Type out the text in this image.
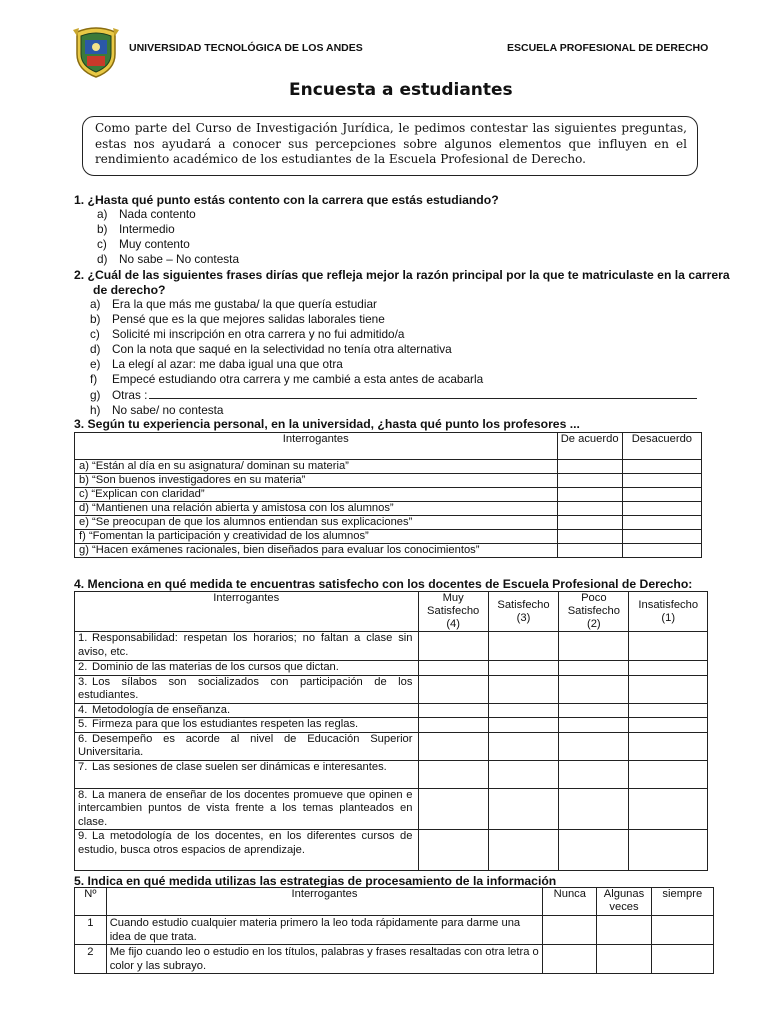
UNIVERSIDAD TECNOLÓGICA DE LOS ANDES	ESCUELA PROFESIONAL DE DERECHO
Encuesta a estudiantes
Como parte del Curso de Investigación Jurídica, le pedimos contestar las siguientes preguntas, estas nos ayudará a conocer sus percepciones sobre algunos elementos que influyen en el rendimiento académico de los estudiantes de la Escuela Profesional de Derecho.
1. ¿Hasta qué punto estás contento con la carrera que estás estudiando?
a) Nada contento
b) Intermedio
c) Muy contento
d) No sabe – No contesta
2. ¿Cuál de las siguientes frases dirías que refleja mejor la razón principal por la que te matriculaste en la carrera
de derecho?
a) Era la que más me gustaba/ la que quería estudiar
b) Pensé que es la que mejores salidas laborales tiene
c) Solicité mi inscripción en otra carrera y no fui admitido/a
d) Con la nota que saqué en la selectividad no tenía otra alternativa
e) La elegí al azar: me daba igual una que otra
f) Empecé estudiando otra carrera y me cambié a esta antes de acabarla
g) Otras :
h) No sabe/ no contesta
3. Según tu experiencia personal, en la universidad, ¿hasta qué punto los profesores ...
Interrogantes	De acuerdo	Desacuerdo
a) “Están al día en su asignatura/ dominan su materia”		
b) “Son buenos investigadores en su materia”		
c) “Explican con claridad”		
d) “Mantienen una relación abierta y amistosa con los alumnos”		
e) “Se preocupan de que los alumnos entiendan sus explicaciones”		
f) “Fomentan la participación y creatividad de los alumnos”		
g) “Hacen exámenes racionales, bien diseñados para evaluar los conocimientos”		
4. Menciona en qué medida te encuentras satisfecho con los docentes de Escuela Profesional de Derecho:
Interrogantes	Muy Satisfecho (4)	Satisfecho (3)	Poco Satisfecho (2)	Insatisfecho (1)
1. Responsabilidad: respetan los horarios; no faltan a clase sin aviso, etc.				
2. Dominio de las materias de los cursos que dictan.				
3. Los sílabos son socializados con participación de los estudiantes.				
4. Metodología de enseñanza.				
5. Firmeza para que los estudiantes respeten las reglas.				
6. Desempeño es acorde al nivel de Educación Superior Universitaria.				
7. Las sesiones de clase suelen ser dinámicas e interesantes.				
8. La manera de enseñar de los docentes promueve que opinen e intercambien puntos de vista frente a los temas planteados en clase.				
9. La metodología de los docentes, en los diferentes cursos de estudio, busca otros espacios de aprendizaje.				
5. Indica en qué medida utilizas las estrategias de procesamiento de la información
Nº	Interrogantes	Nunca	Algunas veces	siempre
1	Cuando estudio cualquier materia primero la leo toda rápidamente para darme una idea de que trata.			
2	Me fijo cuando leo o estudio en los títulos, palabras y frases resaltadas con otra letra o color y las subrayo.			
